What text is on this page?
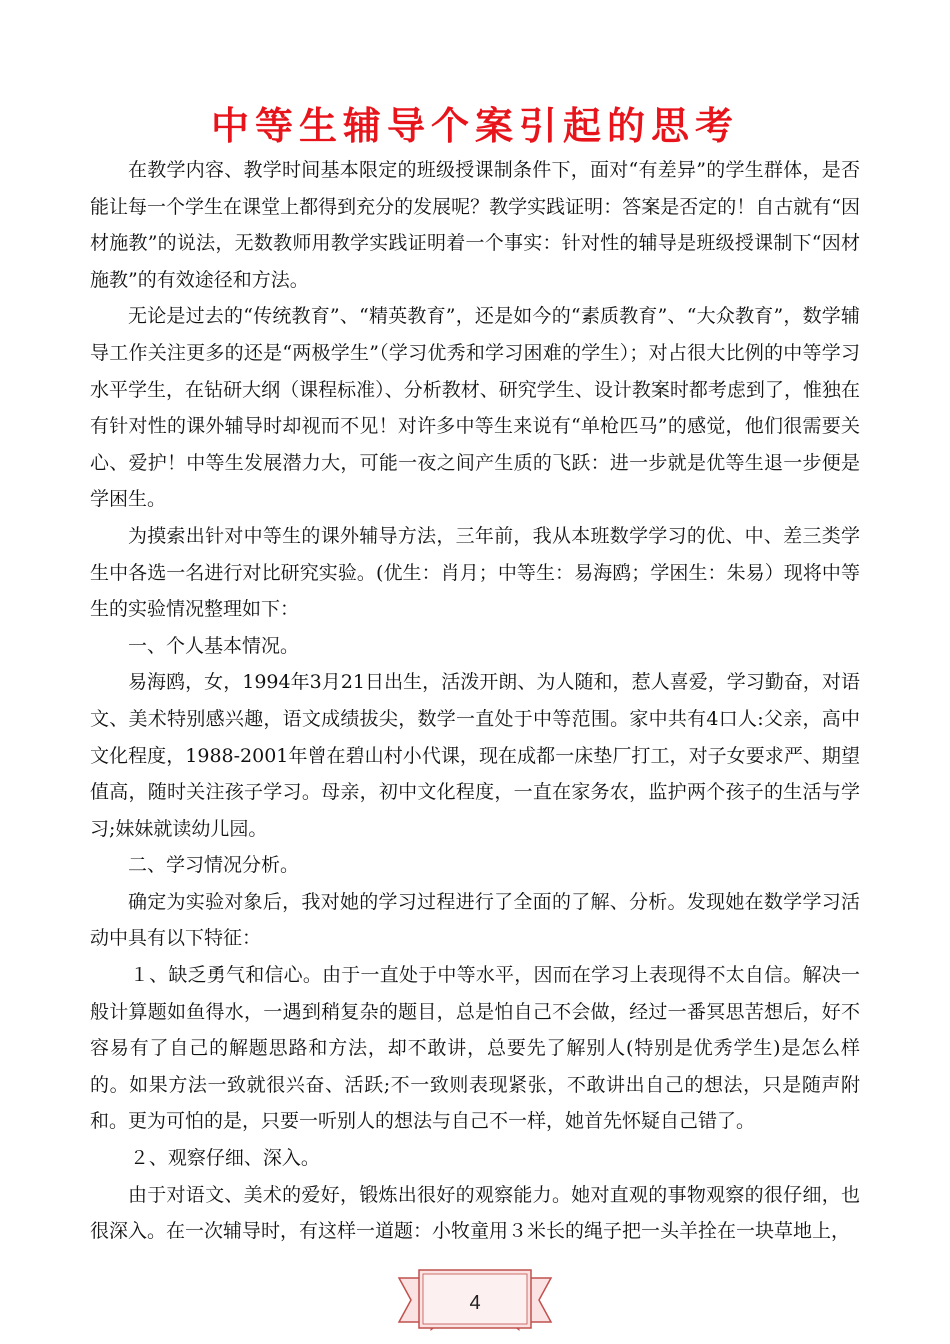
中等生辅导个案引起的思考

在教学内容、教学时间基本限定的班级授课制条件下，面对“有差异”的学生群体，是否能让每一个学生在课堂上都得到充分的发展呢？教学实践证明：答案是否定的！自古就有“因材施教”的说法，无数教师用教学实践证明着一个事实：针对性的辅导是班级授课制下“因材施教”的有效途径和方法。

无论是过去的“传统教育”、“精英教育”，还是如今的“素质教育”、“大众教育”，数学辅导工作关注更多的还是“两极学生”（学习优秀和学习困难的学生）；对占很大比例的中等学习水平学生，在钻研大纲（课程标准）、分析教材、研究学生、设计教案时都考虑到了，惟独在有针对性的课外辅导时却视而不见！对许多中等生来说有“单枪匹马”的感觉，他们很需要关心、爱护！中等生发展潜力大，可能一夜之间产生质的飞跃：进一步就是优等生退一步便是学困生。

为摸索出针对中等生的课外辅导方法，三年前，我从本班数学学习的优、中、差三类学生中各选一名进行对比研究实验。(优生：肖月；中等生：易海鸥；学困生：朱易）现将中等生的实验情况整理如下：

一、个人基本情况。

易海鸥，女，1994年3月21日出生，活泼开朗、为人随和，惹人喜爱，学习勤奋，对语文、美术特别感兴趣，语文成绩拔尖，数学一直处于中等范围。家中共有4口人:父亲，高中文化程度，1988-2001年曾在碧山村小代课，现在成都一床垫厂打工，对子女要求严、期望值高，随时关注孩子学习。母亲，初中文化程度，一直在家务农，监护两个孩子的生活与学习;妹妹就读幼儿园。

二、学习情况分析。

确定为实验对象后，我对她的学习过程进行了全面的了解、分析。发现她在数学学习活动中具有以下特征：

１、缺乏勇气和信心。由于一直处于中等水平，因而在学习上表现得不太自信。解决一般计算题如鱼得水，一遇到稍复杂的题目，总是怕自己不会做，经过一番冥思苦想后，好不容易有了自己的解题思路和方法，却不敢讲，总要先了解别人(特别是优秀学生)是怎么样的。如果方法一致就很兴奋、活跃;不一致则表现紧张，不敢讲出自己的想法，只是随声附和。更为可怕的是，只要一听别人的想法与自己不一样，她首先怀疑自己错了。

２、观察仔细、深入。

由于对语文、美术的爱好，锻炼出很好的观察能力。她对直观的事物观察的很仔细，也很深入。在一次辅导时，有这样一道题：小牧童用３米长的绳子把一头羊拴在一块草地上，

4
